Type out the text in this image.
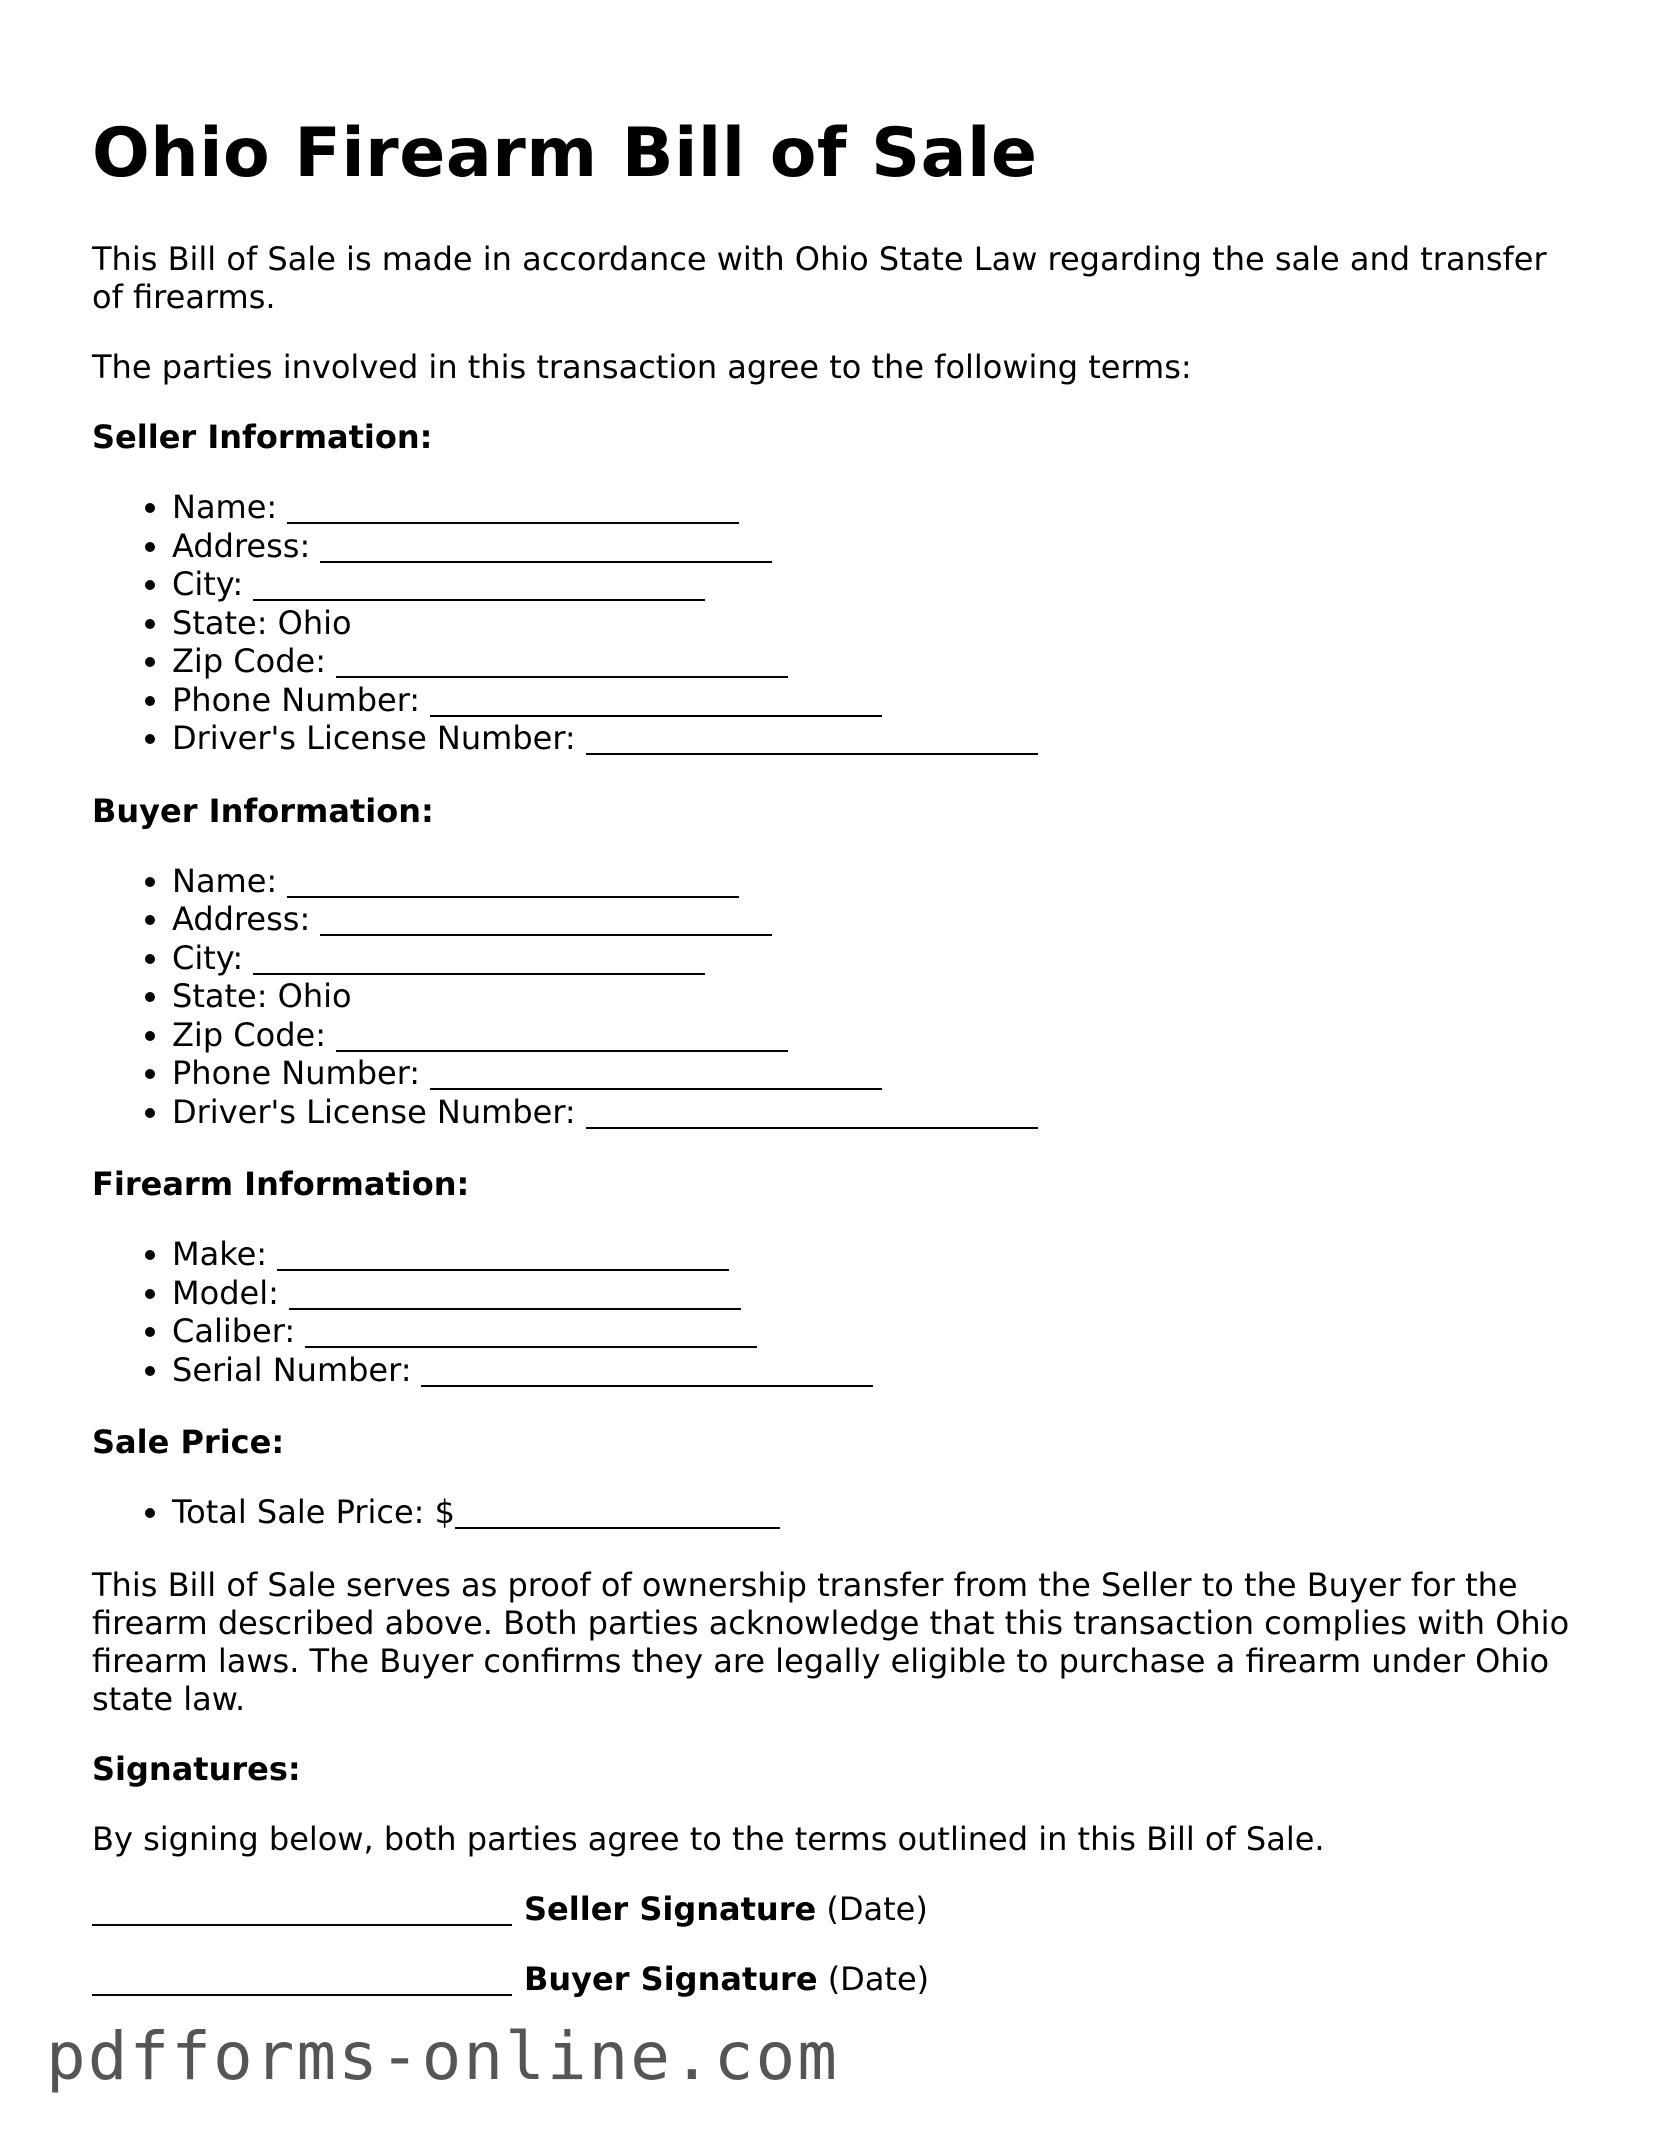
Ohio Firearm Bill of Sale

This Bill of Sale is made in accordance with Ohio State Law regarding the sale and transfer of firearms.

The parties involved in this transaction agree to the following terms:

Seller Information:

• Name:
• Address:
• City:
• State: Ohio
• Zip Code:
• Phone Number:
• Driver's License Number:

Buyer Information:

• Name:
• Address:
• City:
• State: Ohio
• Zip Code:
• Phone Number:
• Driver's License Number:

Firearm Information:

• Make:
• Model:
• Caliber:
• Serial Number:

Sale Price:

• Total Sale Price: $

This Bill of Sale serves as proof of ownership transfer from the Seller to the Buyer for the firearm described above. Both parties acknowledge that this transaction complies with Ohio firearm laws. The Buyer confirms they are legally eligible to purchase a firearm under Ohio state law.

Signatures:

By signing below, both parties agree to the terms outlined in this Bill of Sale.

Seller Signature (Date)
Buyer Signature (Date)
pdfforms-online.com
